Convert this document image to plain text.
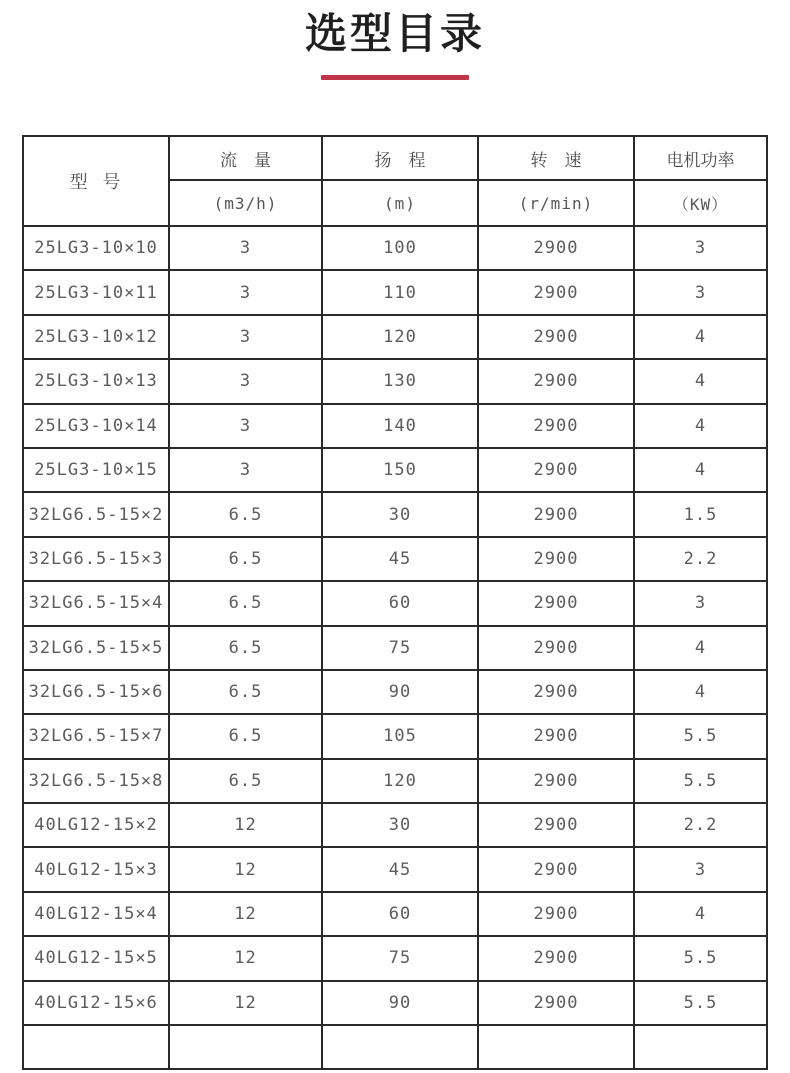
选型目录
型 号	流　量	扬　程	转　速	电机功率
	(m3/h)	(m)	(r/min)	（KW）
25LG3-10×10	3	100	2900	3
25LG3-10×11	3	110	2900	3
25LG3-10×12	3	120	2900	4
25LG3-10×13	3	130	2900	4
25LG3-10×14	3	140	2900	4
25LG3-10×15	3	150	2900	4
32LG6.5-15×2	6.5	30	2900	1.5
32LG6.5-15×3	6.5	45	2900	2.2
32LG6.5-15×4	6.5	60	2900	3
32LG6.5-15×5	6.5	75	2900	4
32LG6.5-15×6	6.5	90	2900	4
32LG6.5-15×7	6.5	105	2900	5.5
32LG6.5-15×8	6.5	120	2900	5.5
40LG12-15×2	12	30	2900	2.2
40LG12-15×3	12	45	2900	3
40LG12-15×4	12	60	2900	4
40LG12-15×5	12	75	2900	5.5
40LG12-15×6	12	90	2900	5.5
